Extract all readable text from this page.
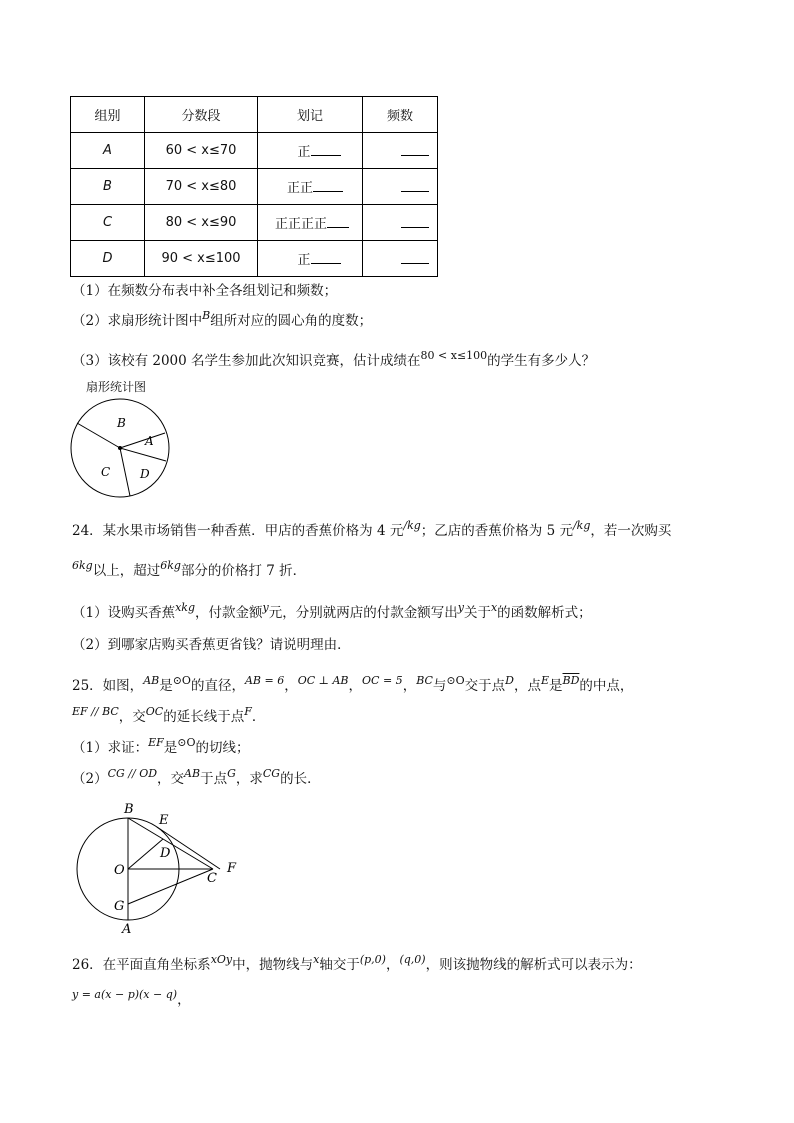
组别	分数段	划记	频数
A	60 < x≤70	正	
B	70 < x≤80	正正	
C	80 < x≤90	正正正正	
D	90 < x≤100	正	
（1）在频数分布表中补全各组划记和频数；
（2）求扇形统计图中$^B$组所对应的圆心角的度数；
（3）该校有 2000 名学生参加此次知识竞赛，估计成绩在$^{80 < x\le 100}$的学生有多少人？
扇形统计图
B
A
C D
24．某水果市场销售一种香蕉．甲店的香蕉价格为 4 元$^{/kg}$；乙店的香蕉价格为 5 元$^{/kg}$，若一次购买
$^{6kg}$以上，超过$^{6kg}$部分的价格打 7 折．
（1）设购买香蕉$^{xkg}$，付款金额$^y$元，分别就两店的付款金额写出$^y$关于$^x$的函数解析式；
（2）到哪家店购买香蕉更省钱？请说明理由．
25．如图，$^{AB}$是$^{⊙O}$的直径，$^{AB = 6}$，$^{OC \perp AB}$，$^{OC = 5}$，$^{BC}$与$^{⊙O}$交于点$^D$，点$^E$是$^{\overline{BD}}$的中点，
$^{EF // BC}$，交$^{OC}$的延长线于点$^F$．
（1）求证：$^{EF}$是$^{⊙O}$的切线；
$(2)^{CG // OD}$，交$^{AB}$于点$^G$，求$^{CG}$的长．
B
E
D
O
C
F
G
A
26．在平面直角坐标系$^{xOy}$中，抛物线与$^x$轴交于$^{(p,0)}$，$^{(q,0)}$，则该抛物线的解析式可以表示为：
$^{y = a(x - p)(x - q)}$，
